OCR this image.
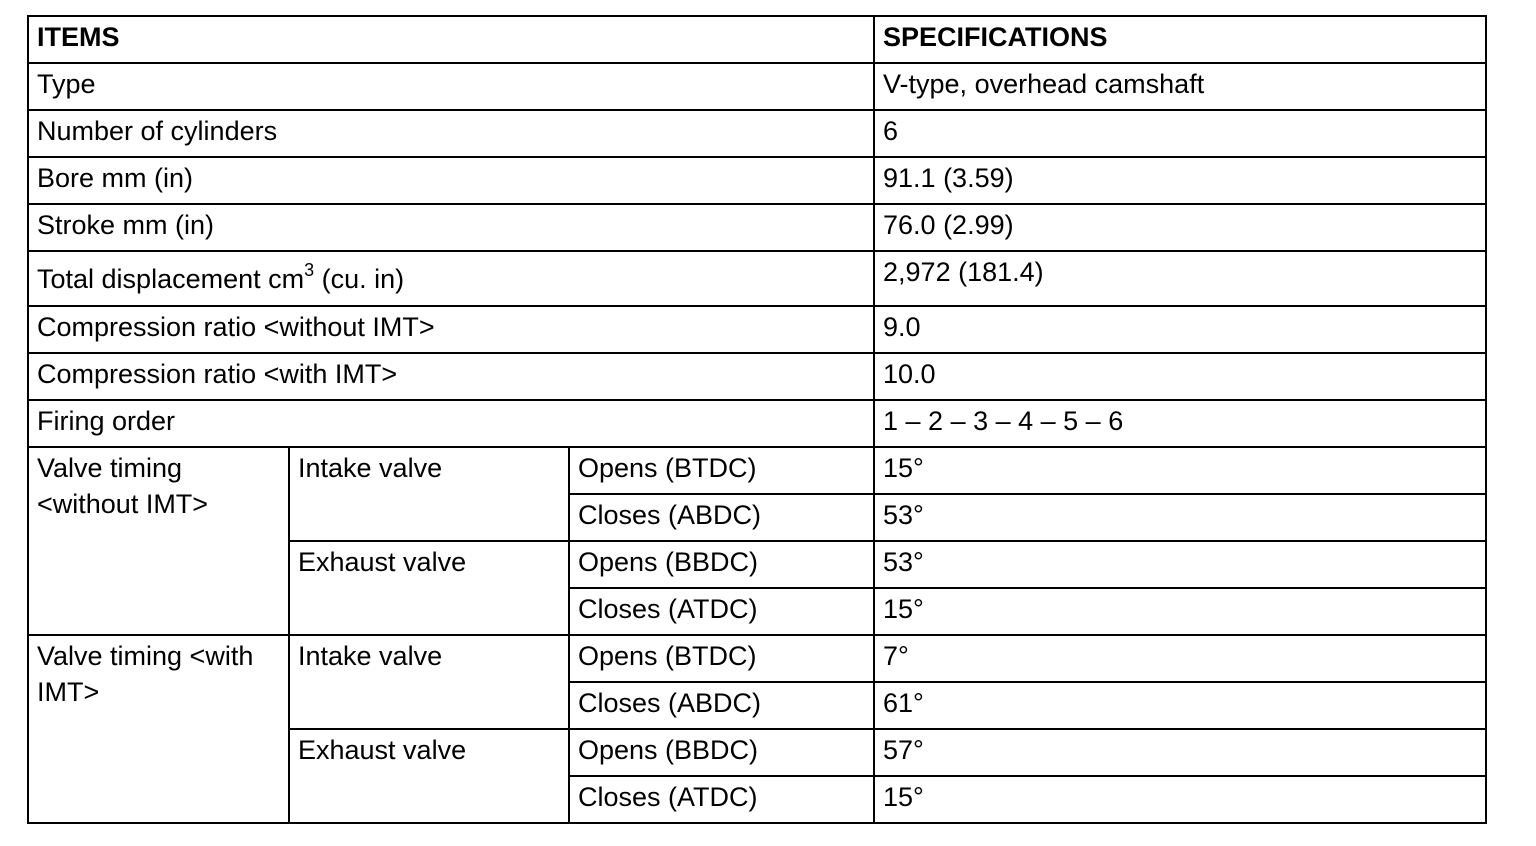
ITEMS			SPECIFICATIONS
Type			V-type, overhead camshaft
Number of cylinders			6
Bore mm (in)			91.1 (3.59)
Stroke mm (in)			76.0 (2.99)
Total displacement $cm^3$ (cu. in)			2,972 (181.4)
Compression ratio <without IMT>			9.0
Compression ratio <with IMT>			10.0
Firing order			1 – 2 – 3 – 4 – 5 – 6
Valve timing <without IMT>	Intake valve	Opens (BTDC)	15°
		Closes (ABDC)	53°
	Exhaust valve	Opens (BBDC)	53°
		Closes (ATDC)	15°
Valve timing <with IMT>	Intake valve	Opens (BTDC)	7°
		Closes (ABDC)	61°
	Exhaust valve	Opens (BBDC)	57°
		Closes (ATDC)	15°
